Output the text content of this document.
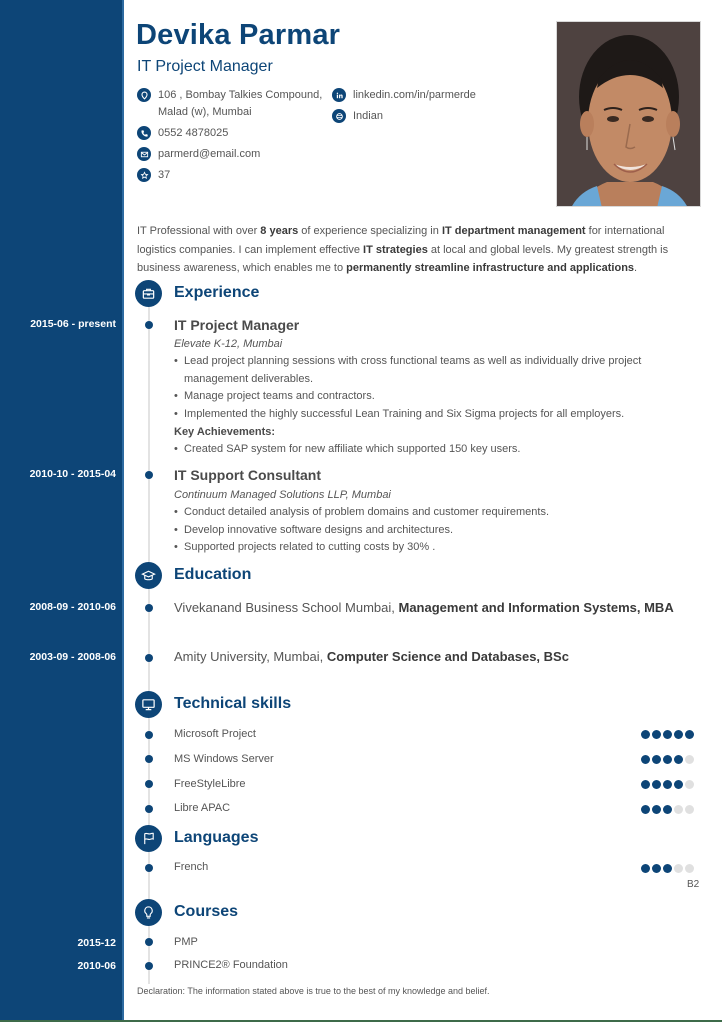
Devika Parmar
IT Project Manager
106 , Bombay Talkies Compound,
Malad (w), Mumbai
0552 4878025
parmerd@email.com
37
linkedin.com/in/parmerde
Indian

IT Professional with over 8 years of experience specializing in IT department management for international logistics companies. I can implement effective IT strategies at local and global levels. My greatest strength is business awareness, which enables me to permanently streamline infrastructure and applications.

Experience
2015-06 - present	IT Project Manager
Elevate K-12, Mumbai
• Lead project planning sessions with cross functional teams as well as individually drive project management deliverables.
• Manage project teams and contractors.
• Implemented the highly successful Lean Training and Six Sigma projects for all employers.
Key Achievements:
• Created SAP system for new affiliate which supported 150 key users.
2010-10 - 2015-04	IT Support Consultant
Continuum Managed Solutions LLP, Mumbai
• Conduct detailed analysis of problem domains and customer requirements.
• Develop innovative software designs and architectures.
• Supported projects related to cutting costs by 30% .
Education
2008-09 - 2010-06	Vivekanand Business School Mumbai, Management and Information Systems, MBA
2003-09 - 2008-06	Amity University, Mumbai, Computer Science and Databases, BSc
Technical skills
Microsoft Project
MS Windows Server
FreeStyleLibre
Libre APAC
Languages
French
B2
Courses
2015-12	PMP
2010-06	PRINCE2® Foundation
Declaration: The information stated above is true to the best of my knowledge and belief.
